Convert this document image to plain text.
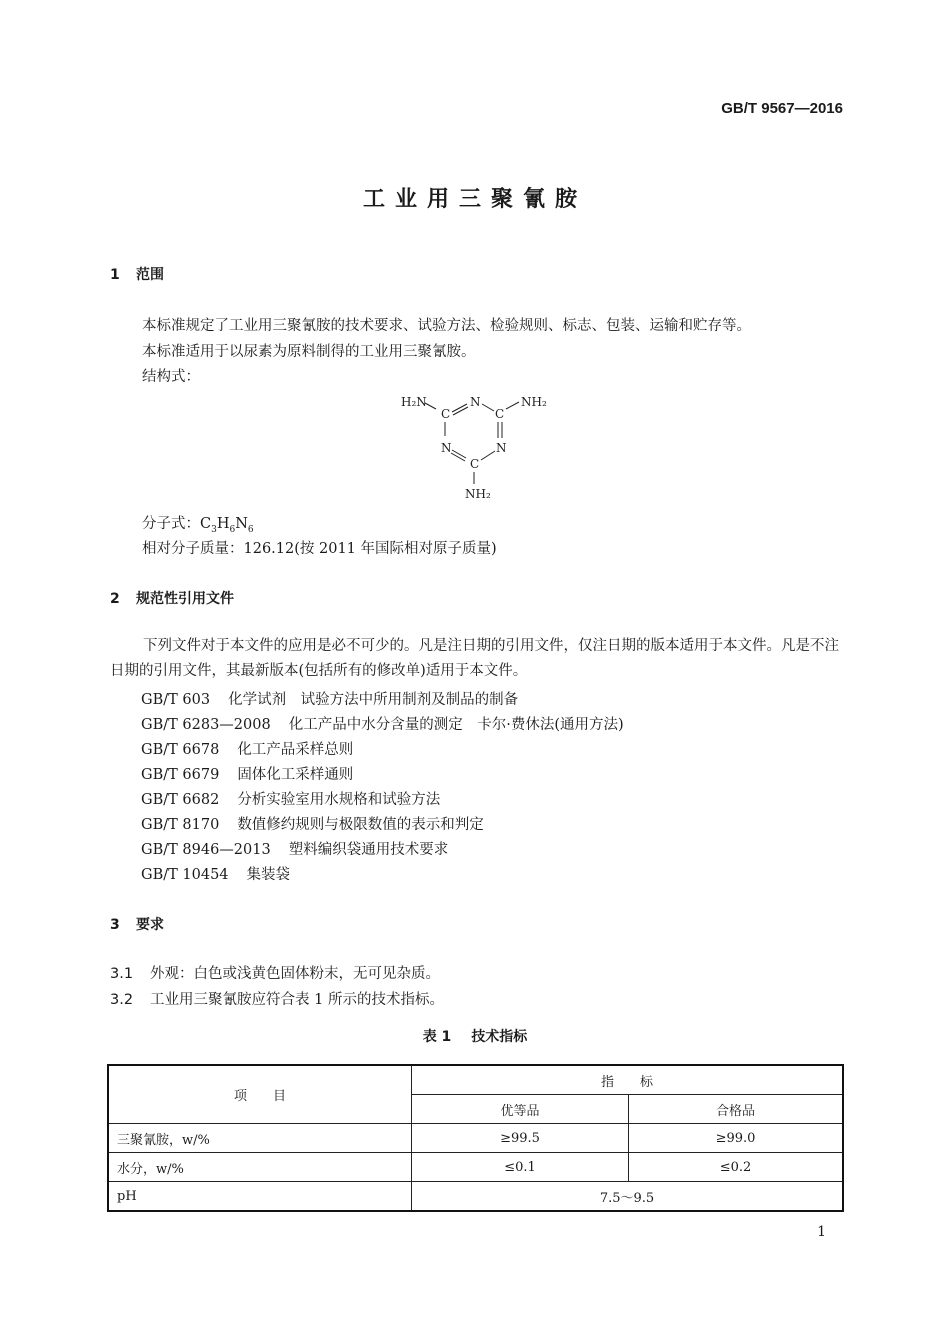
GB/T 9567—2016
工业用三聚氰胺
1 范围
本标准规定了工业用三聚氰胺的技术要求、试验方法、检验规则、标志、包装、运输和贮存等。
本标准适用于以尿素为原料制得的工业用三聚氰胺。
结构式：
H₂N
C
N
C
NH₂
N	N
C
NH₂
分子式：$C_3H_6N_6$
相对分子质量：126.12(按 2011 年国际相对原子质量)
2 规范性引用文件
下列文件对于本文件的应用是必不可少的。凡是注日期的引用文件，仅注日期的版本适用于本文件。凡是不注日期的引用文件，其最新版本(包括所有的修改单)适用于本文件。
GB/T 603 化学试剂　试验方法中所用制剂及制品的制备
GB/T 6283—2008 化工产品中水分含量的测定　卡尔·费休法(通用方法)
GB/T 6678 化工产品采样总则
GB/T 6679 固体化工采样通则
GB/T 6682 分析实验室用水规格和试验方法
GB/T 8170 数值修约规则与极限数值的表示和判定
GB/T 8946—2013 塑料编织袋通用技术要求
GB/T 10454 集装袋
3 要求
3.1 外观：白色或浅黄色固体粉末，无可见杂质。
3.2 工业用三聚氰胺应符合表 1 所示的技术指标。
表 1 技术指标
项　　目	指　　标	
	优等品	合格品
三聚氰胺，w/%	≥99.5	≥99.0
水分，w/%	≤0.1	≤0.2
pH	7.5～9.5	
1
